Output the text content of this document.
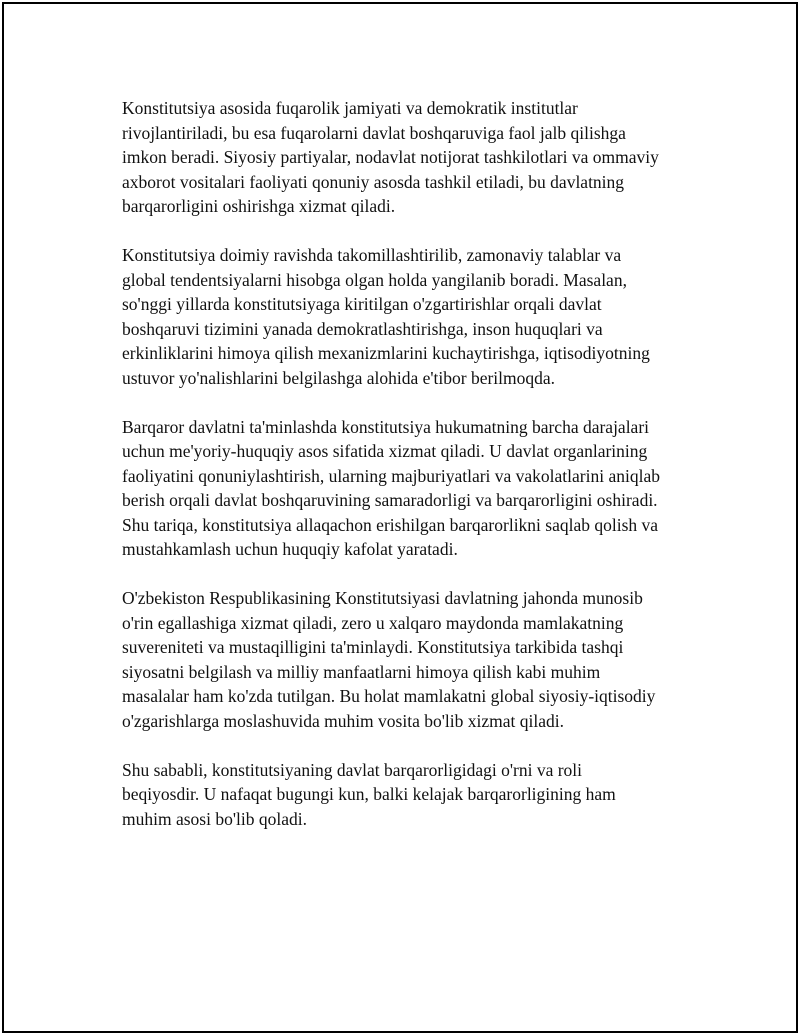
Konstitutsiya asosida fuqarolik jamiyati va demokratik institutlar
rivojlantiriladi, bu esa fuqarolarni davlat boshqaruviga faol jalb qilishga
imkon beradi. Siyosiy partiyalar, nodavlat notijorat tashkilotlari va ommaviy
axborot vositalari faoliyati qonuniy asosda tashkil etiladi, bu davlatning
barqarorligini oshirishga xizmat qiladi.

Konstitutsiya doimiy ravishda takomillashtirilib, zamonaviy talablar va
global tendentsiyalarni hisobga olgan holda yangilanib boradi. Masalan,
so'nggi yillarda konstitutsiyaga kiritilgan o'zgartirishlar orqali davlat
boshqaruvi tizimini yanada demokratlashtirishga, inson huquqlari va
erkinliklarini himoya qilish mexanizmlarini kuchaytirishga, iqtisodiyotning
ustuvor yo'nalishlarini belgilashga alohida e'tibor berilmoqda.

Barqaror davlatni ta'minlashda konstitutsiya hukumatning barcha darajalari
uchun me'yoriy-huquqiy asos sifatida xizmat qiladi. U davlat organlarining
faoliyatini qonuniylashtirish, ularning majburiyatlari va vakolatlarini aniqlab
berish orqali davlat boshqaruvining samaradorligi va barqarorligini oshiradi.
Shu tariqa, konstitutsiya allaqachon erishilgan barqarorlikni saqlab qolish va
mustahkamlash uchun huquqiy kafolat yaratadi.

O'zbekiston Respublikasining Konstitutsiyasi davlatning jahonda munosib
o'rin egallashiga xizmat qiladi, zero u xalqaro maydonda mamlakatning
suvereniteti va mustaqilligini ta'minlaydi. Konstitutsiya tarkibida tashqi
siyosatni belgilash va milliy manfaatlarni himoya qilish kabi muhim
masalalar ham ko'zda tutilgan. Bu holat mamlakatni global siyosiy-iqtisodiy
o'zgarishlarga moslashuvida muhim vosita bo'lib xizmat qiladi.

Shu sababli, konstitutsiyaning davlat barqarorligidagi o'rni va roli
beqiyosdir. U nafaqat bugungi kun, balki kelajak barqarorligining ham
muhim asosi bo'lib qoladi.
